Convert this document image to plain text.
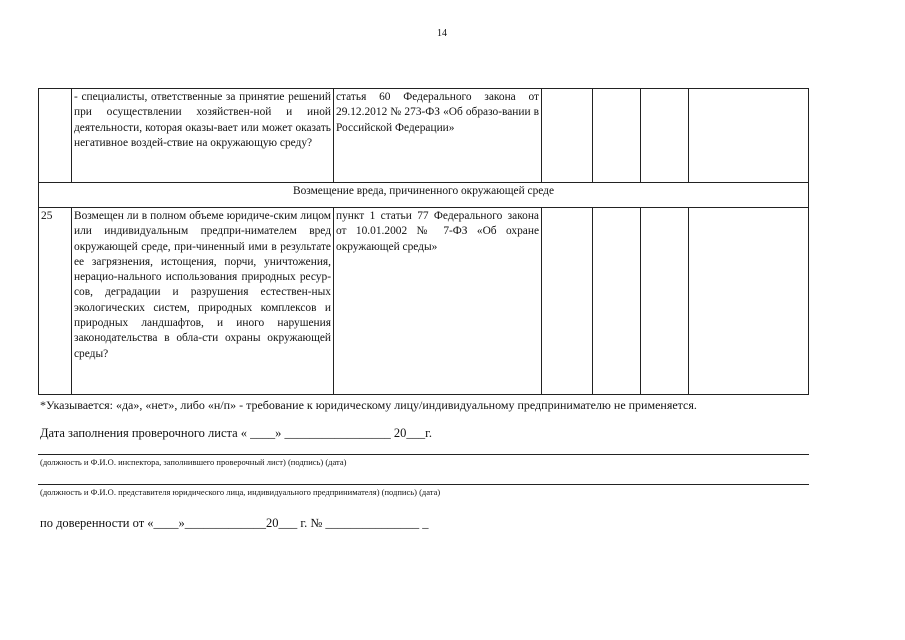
14
	- специалисты, ответственные за принятие решений при осуществлении хозяйствен-ной и иной деятельности, которая оказы-вает или может оказать негативное воздей-ствие на окружающую среду?	статья 60 Федерального закона от 29.12.2012 № 273-ФЗ «Об образо-вании в Российской Федерации»				
Возмещение вреда, причиненного окружающей среде						
25	Возмещен ли в полном объеме юридиче-ским лицом или индивидуальным предпри-нимателем вред окружающей среде, при-чиненный ими в результате ее загрязнения, истощения, порчи, уничтожения, нерацио-нального использования природных ресур-сов, деградации и разрушения естествен-ных экологических систем, природных комплексов и природных ландшафтов, и иного нарушения законодательства в обла-сти охраны окружающей среды?	пункт 1 статьи 77 Федерального закона от 10.01.2002 № 7-ФЗ «Об охране окружающей среды»				
*Указывается: «да», «нет», либо «н/п» - требование к юридическому лицу/индивидуальному предпринимателю не применяется.
Дата заполнения проверочного листа « ____» _________________ 20___г.
(должность и Ф.И.О. инспектора, заполнившего проверочный лист) (подпись) (дата)
(должность и Ф.И.О. представителя юридического лица, индивидуального предпринимателя) (подпись) (дата)
по доверенности от «____»_____________20___ г. № _______________ _
